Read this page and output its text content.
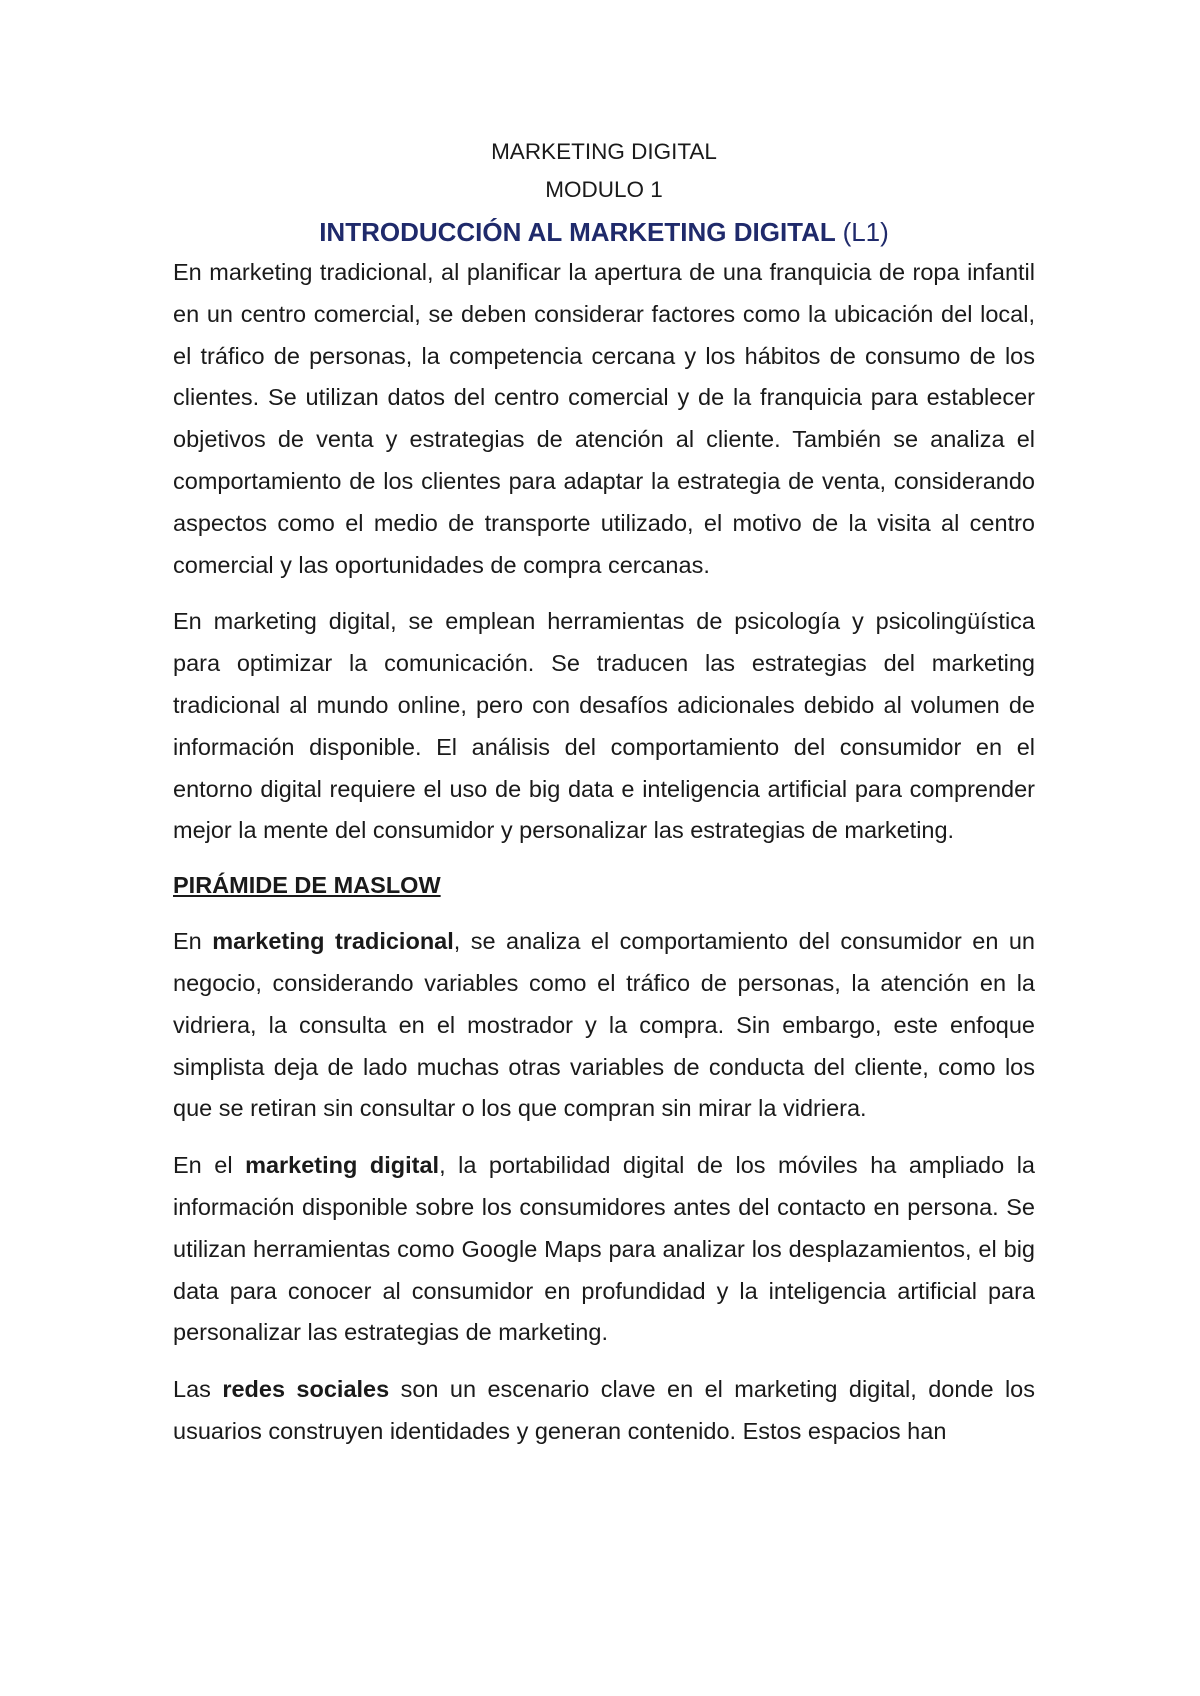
MARKETING DIGITAL

MODULO 1

INTRODUCCIÓN AL MARKETING DIGITAL (L1)

En marketing tradicional, al planificar la apertura de una franquicia de ropa infantil en un centro comercial, se deben considerar factores como la ubicación del local, el tráfico de personas, la competencia cercana y los hábitos de consumo de los clientes. Se utilizan datos del centro comercial y de la franquicia para establecer objetivos de venta y estrategias de atención al cliente. También se analiza el comportamiento de los clientes para adaptar la estrategia de venta, considerando aspectos como el medio de transporte utilizado, el motivo de la visita al centro comercial y las oportunidades de compra cercanas.

En marketing digital, se emplean herramientas de psicología y psicolingüística para optimizar la comunicación. Se traducen las estrategias del marketing tradicional al mundo online, pero con desafíos adicionales debido al volumen de información disponible. El análisis del comportamiento del consumidor en el entorno digital requiere el uso de big data e inteligencia artificial para comprender mejor la mente del consumidor y personalizar las estrategias de marketing.

PIRÁMIDE DE MASLOW

En marketing tradicional, se analiza el comportamiento del consumidor en un negocio, considerando variables como el tráfico de personas, la atención en la vidriera, la consulta en el mostrador y la compra. Sin embargo, este enfoque simplista deja de lado muchas otras variables de conducta del cliente, como los que se retiran sin consultar o los que compran sin mirar la vidriera.

En el marketing digital, la portabilidad digital de los móviles ha ampliado la información disponible sobre los consumidores antes del contacto en persona. Se utilizan herramientas como Google Maps para analizar los desplazamientos, el big data para conocer al consumidor en profundidad y la inteligencia artificial para personalizar las estrategias de marketing.

Las redes sociales son un escenario clave en el marketing digital, donde los usuarios construyen identidades y generan contenido. Estos espacios han
